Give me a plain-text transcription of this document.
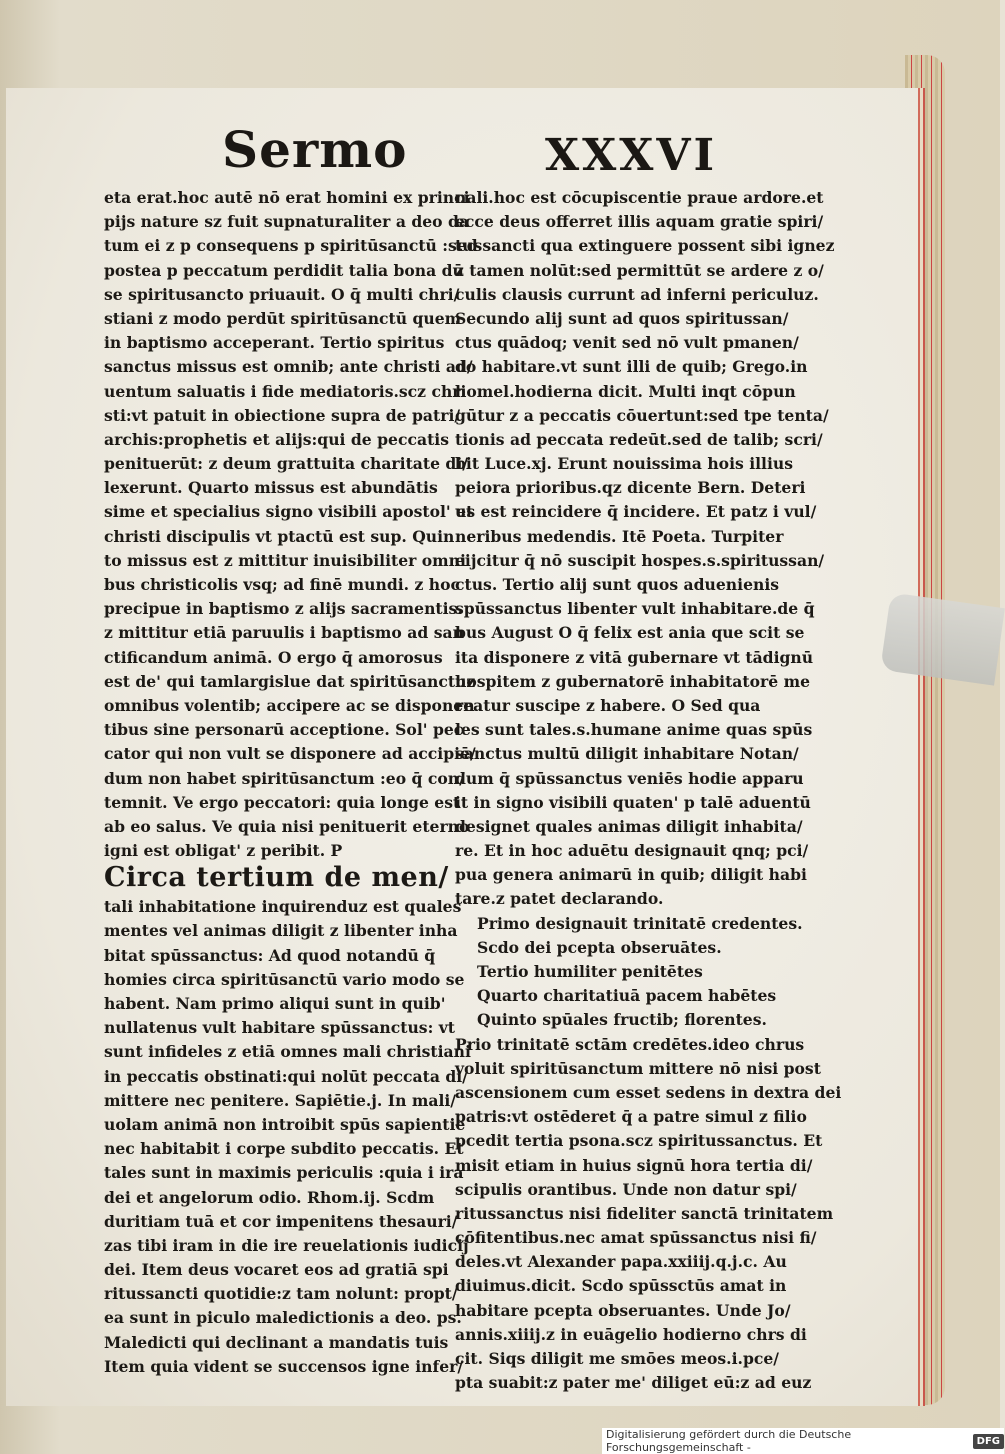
Sermo	XXXVI
eta erat.hoc autē nō erat homini ex princi
pijs nature sz fuit supnaturaliter a deo da
tum ei z p consequens p spiritūsanctū :sed
postea p peccatum perdidit talia bona dū
se spiritusancto priuauit. O q̄ multi chri/
stiani z modo perdūt spiritūsanctū quem
in baptismo acceperant. Tertio spiritus
sanctus missus est omnib; ante christi ad/
uentum saluatis i fide mediatoris.scz chri
sti:vt patuit in obiectione supra de patri/
archis:prophetis et alijs:qui de peccatis
penituerūt: z deum grattuita charitate di/
lexerunt. Quarto missus est abundātis
sime et specialius signo visibili apostol' et
christi discipulis vt ptactū est sup. Quin
to missus est z mittitur inuisibiliter omni
bus christicolis vsq; ad finē mundi. z hoc
precipue in baptismo z alijs sacramentis.
z mittitur etiā paruulis i baptismo ad san
ctificandum animā. O ergo q̄ amorosus
est de' qui tamlargislue dat spiritūsanctuz
omnibus volentib; accipere ac se disponen
tibus sine personarū acceptione. Sol' pec
cator qui non vult se disponere ad accipiē/
dum non habet spiritūsanctum :eo q̄ con/
temnit. Ve ergo peccatori: quia longe est
ab eo salus. Ve quia nisi penituerit eterno
igni est obligat' z peribit. P
Circa tertium de men/
tali inhabitatione inquirenduz est quales
mentes vel animas diligit z libenter inha
bitat spūssanctus: Ad quod notandū q̄
homies circa spiritūsanctū vario modo se
habent. Nam primo aliqui sunt in quib'
nullatenus vult habitare spūssanctus: vt
sunt infideles z etiā omnes mali christiani
in peccatis obstinati:qui nolūt peccata di/
mittere nec penitere. Sapiētie.j. In mali/
uolam animā non introibit spūs sapientie
nec habitabit i corpe subdito peccatis. Et
tales sunt in maximis periculis :quia i ira
dei et angelorum odio. Rhom.ij. Scdm
duritiam tuā et cor impenitens thesauri/
zas tibi iram in die ire reuelationis iudicij
dei. Item deus vocaret eos ad gratiā spi
ritussancti quotidie:z tam nolunt: propt/
ea sunt in piculo maledictionis a deo. ps.
Maledicti qui declinant a mandatis tuis
Item quia vident se succensos igne infer/
nali.hoc est cōcupiscentie praue ardore.et
ecce deus offerret illis aquam gratie spiri/
tussancti qua extinguere possent sibi ignez
z tamen nolūt:sed permittūt se ardere z o/
culis clausis currunt ad inferni periculuz.
Secundo alij sunt ad quos spiritussan/
ctus quādoq; venit sed nō vult pmanen/
do habitare.vt sunt illi de quib; Grego.in
homel.hodierna dicit. Multi inqt cōpun
gūtur z a peccatis cōuertunt:sed tpe tenta/
tionis ad peccata redeūt.sed de talib; scri/
bit Luce.xj. Erunt nouissima hois illius
peiora prioribus.qz dicente Bern. Deteri
us est reincidere q̄ incidere. Et patz i vul/
neribus medendis. Itē Poeta. Turpiter
eijcitur q̄ nō suscipit hospes.s.spiritussan/
ctus. Tertio alij sunt quos aduenienis
spūssanctus libenter vult inhabitare.de q̄
bus August O q̄ felix est ania que scit se
ita disponere z vitā gubernare vt tādignū
hospitem z gubernatorē inhabitatorē me
reatur suscipe z habere. O Sed qua
les sunt tales.s.humane anime quas spūs
sanctus multū diligit inhabitare Notan/
dum q̄ spūssanctus veniēs hodie apparu
it in signo visibili quaten' p talē aduentū
designet quales animas diligit inhabita/
re. Et in hoc aduētu designauit qnq; pci/
pua genera animarū in quib; diligit habi
tare.z patet declarando.
Primo designauit trinitatē credentes.
Scdo dei pcepta obseruātes.
Tertio humiliter penitētes
Quarto charitatiuā pacem habētes
Quinto spūales fructib; florentes.
Prio trinitatē sctām credētes.ideo chrus
voluit spiritūsanctum mittere nō nisi post
ascensionem cum esset sedens in dextra dei
patris:vt ostēderet q̄ a patre simul z filio
pcedit tertia psona.scz spiritussanctus. Et
misit etiam in huius signū hora tertia di/
scipulis orantibus. Unde non datur spi/
ritussanctus nisi fideliter sanctā trinitatem
cōfitentibus.nec amat spūssanctus nisi fi/
deles.vt Alexander papa.xxiiij.q.j.c. Au
diuimus.dicit. Scdo spūssctūs amat in
habitare pcepta obseruantes. Unde Jo/
annis.xiiij.z in euāgelio hodierno chrs di
cit. Siqs diligit me smōes meos.i.pce/
pta suabit:z pater me' diliget eū:z ad euz
Digitalisierung gefördert durch die Deutsche Forschungsgemeinschaft -	DFG
